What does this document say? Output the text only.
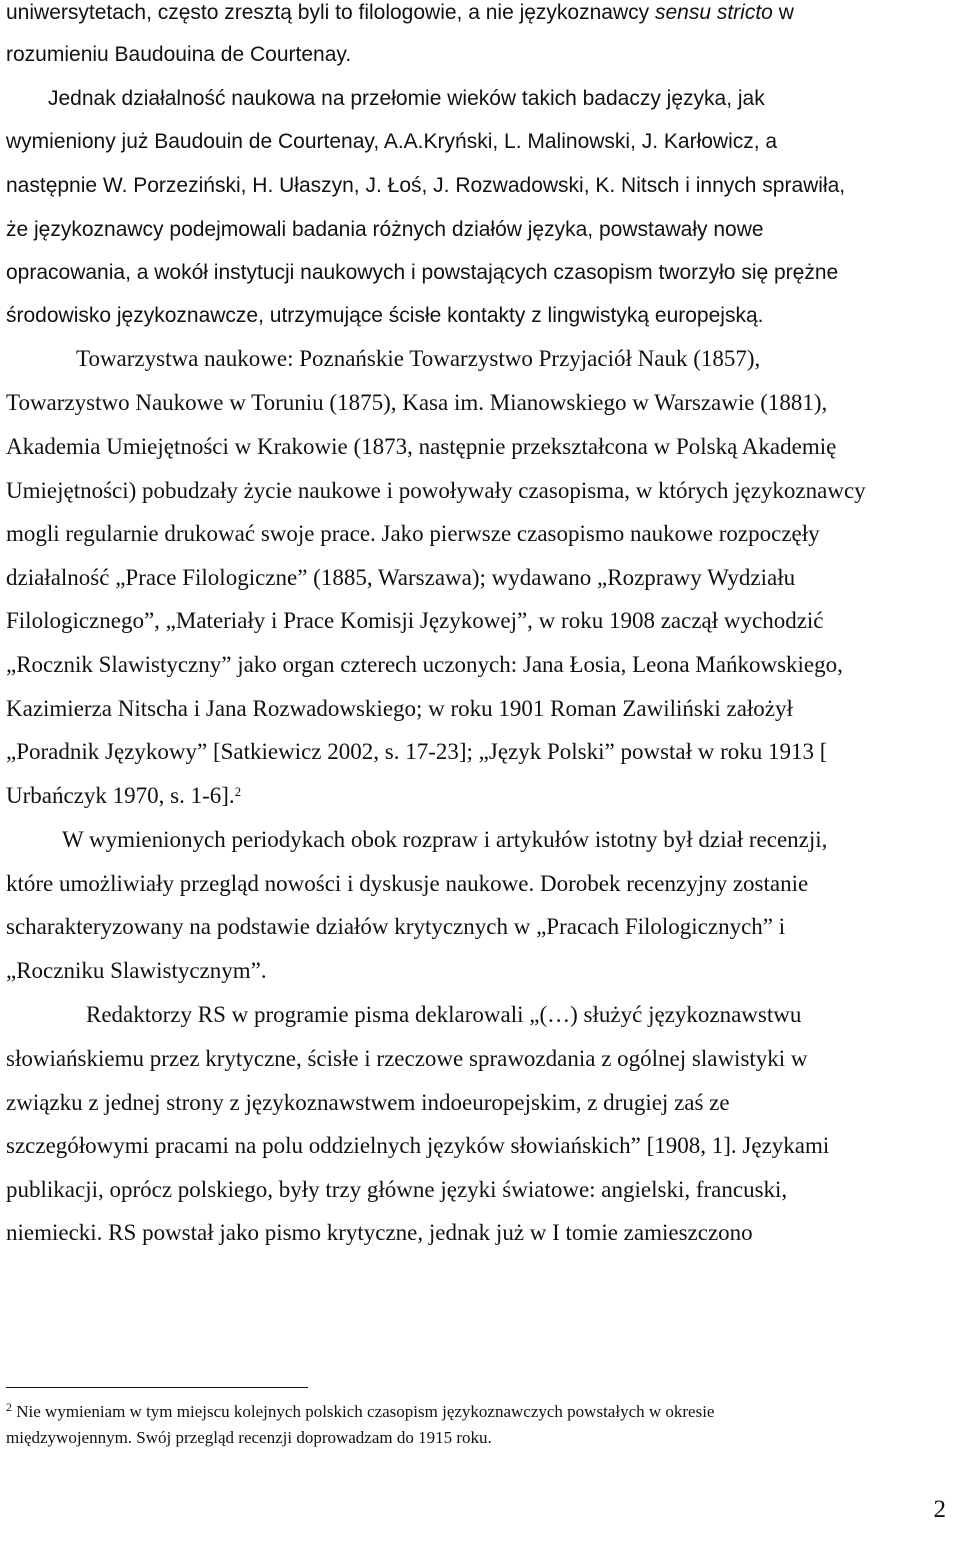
uniwersytetach, często zresztą byli to filologowie, a nie językoznawcy sensu stricto w
rozumieniu Baudouina de Courtenay.
Jednak działalność naukowa na przełomie wieków takich badaczy języka, jak
wymieniony już Baudouin de Courtenay, A.A.Kryński, L. Malinowski, J. Karłowicz, a
następnie W. Porzeziński, H. Ułaszyn, J. Łoś, J. Rozwadowski, K. Nitsch i innych sprawiła,
że językoznawcy podejmowali badania różnych działów języka, powstawały nowe
opracowania, a wokół instytucji naukowych i powstających czasopism tworzyło się prężne
środowisko językoznawcze, utrzymujące ścisłe kontakty z lingwistyką europejską.
Towarzystwa naukowe: Poznańskie Towarzystwo Przyjaciół Nauk (1857),
Towarzystwo Naukowe w Toruniu (1875), Kasa im. Mianowskiego w Warszawie (1881),
Akademia Umiejętności w Krakowie (1873, następnie przekształcona w Polską Akademię
Umiejętności) pobudzały życie naukowe i powoływały czasopisma, w których językoznawcy
mogli regularnie drukować swoje prace. Jako pierwsze czasopismo naukowe rozpoczęły
działalność „Prace Filologiczne” (1885, Warszawa); wydawano „Rozprawy Wydziału
Filologicznego”, „Materiały i Prace Komisji Językowej”, w roku 1908 zaczął wychodzić
„Rocznik Slawistyczny” jako organ czterech uczonych: Jana Łosia, Leona Mańkowskiego,
Kazimierza Nitscha i Jana Rozwadowskiego; w roku 1901 Roman Zawiliński założył
„Poradnik Językowy” [Satkiewicz 2002, s. 17-23]; „Język Polski” powstał w roku 1913 [
Urbańczyk 1970, s. 1-6].$^2$
W wymienionych periodykach obok rozpraw i artykułów istotny był dział recenzji,
które umożliwiały przegląd nowości i dyskusje naukowe. Dorobek recenzyjny zostanie
scharakteryzowany na podstawie działów krytycznych w „Pracach Filologicznych” i
„Roczniku Slawistycznym”.
Redaktorzy RS w programie pisma deklarowali „(…) służyć językoznawstwu
słowiańskiemu przez krytyczne, ścisłe i rzeczowe sprawozdania z ogólnej slawistyki w
związku z jednej strony z językoznawstwem indoeuropejskim, z drugiej zaś ze
szczegółowymi pracami na polu oddzielnych języków słowiańskich” [1908, 1]. Językami
publikacji, oprócz polskiego, były trzy główne języki światowe: angielski, francuski,
niemiecki. RS powstał jako pismo krytyczne, jednak już w I tomie zamieszczono
$^2$ Nie wymieniam w tym miejscu kolejnych polskich czasopism językoznawczych powstałych w okresie
międzywojennym. Swój przegląd recenzji doprowadzam do 1915 roku.
2
